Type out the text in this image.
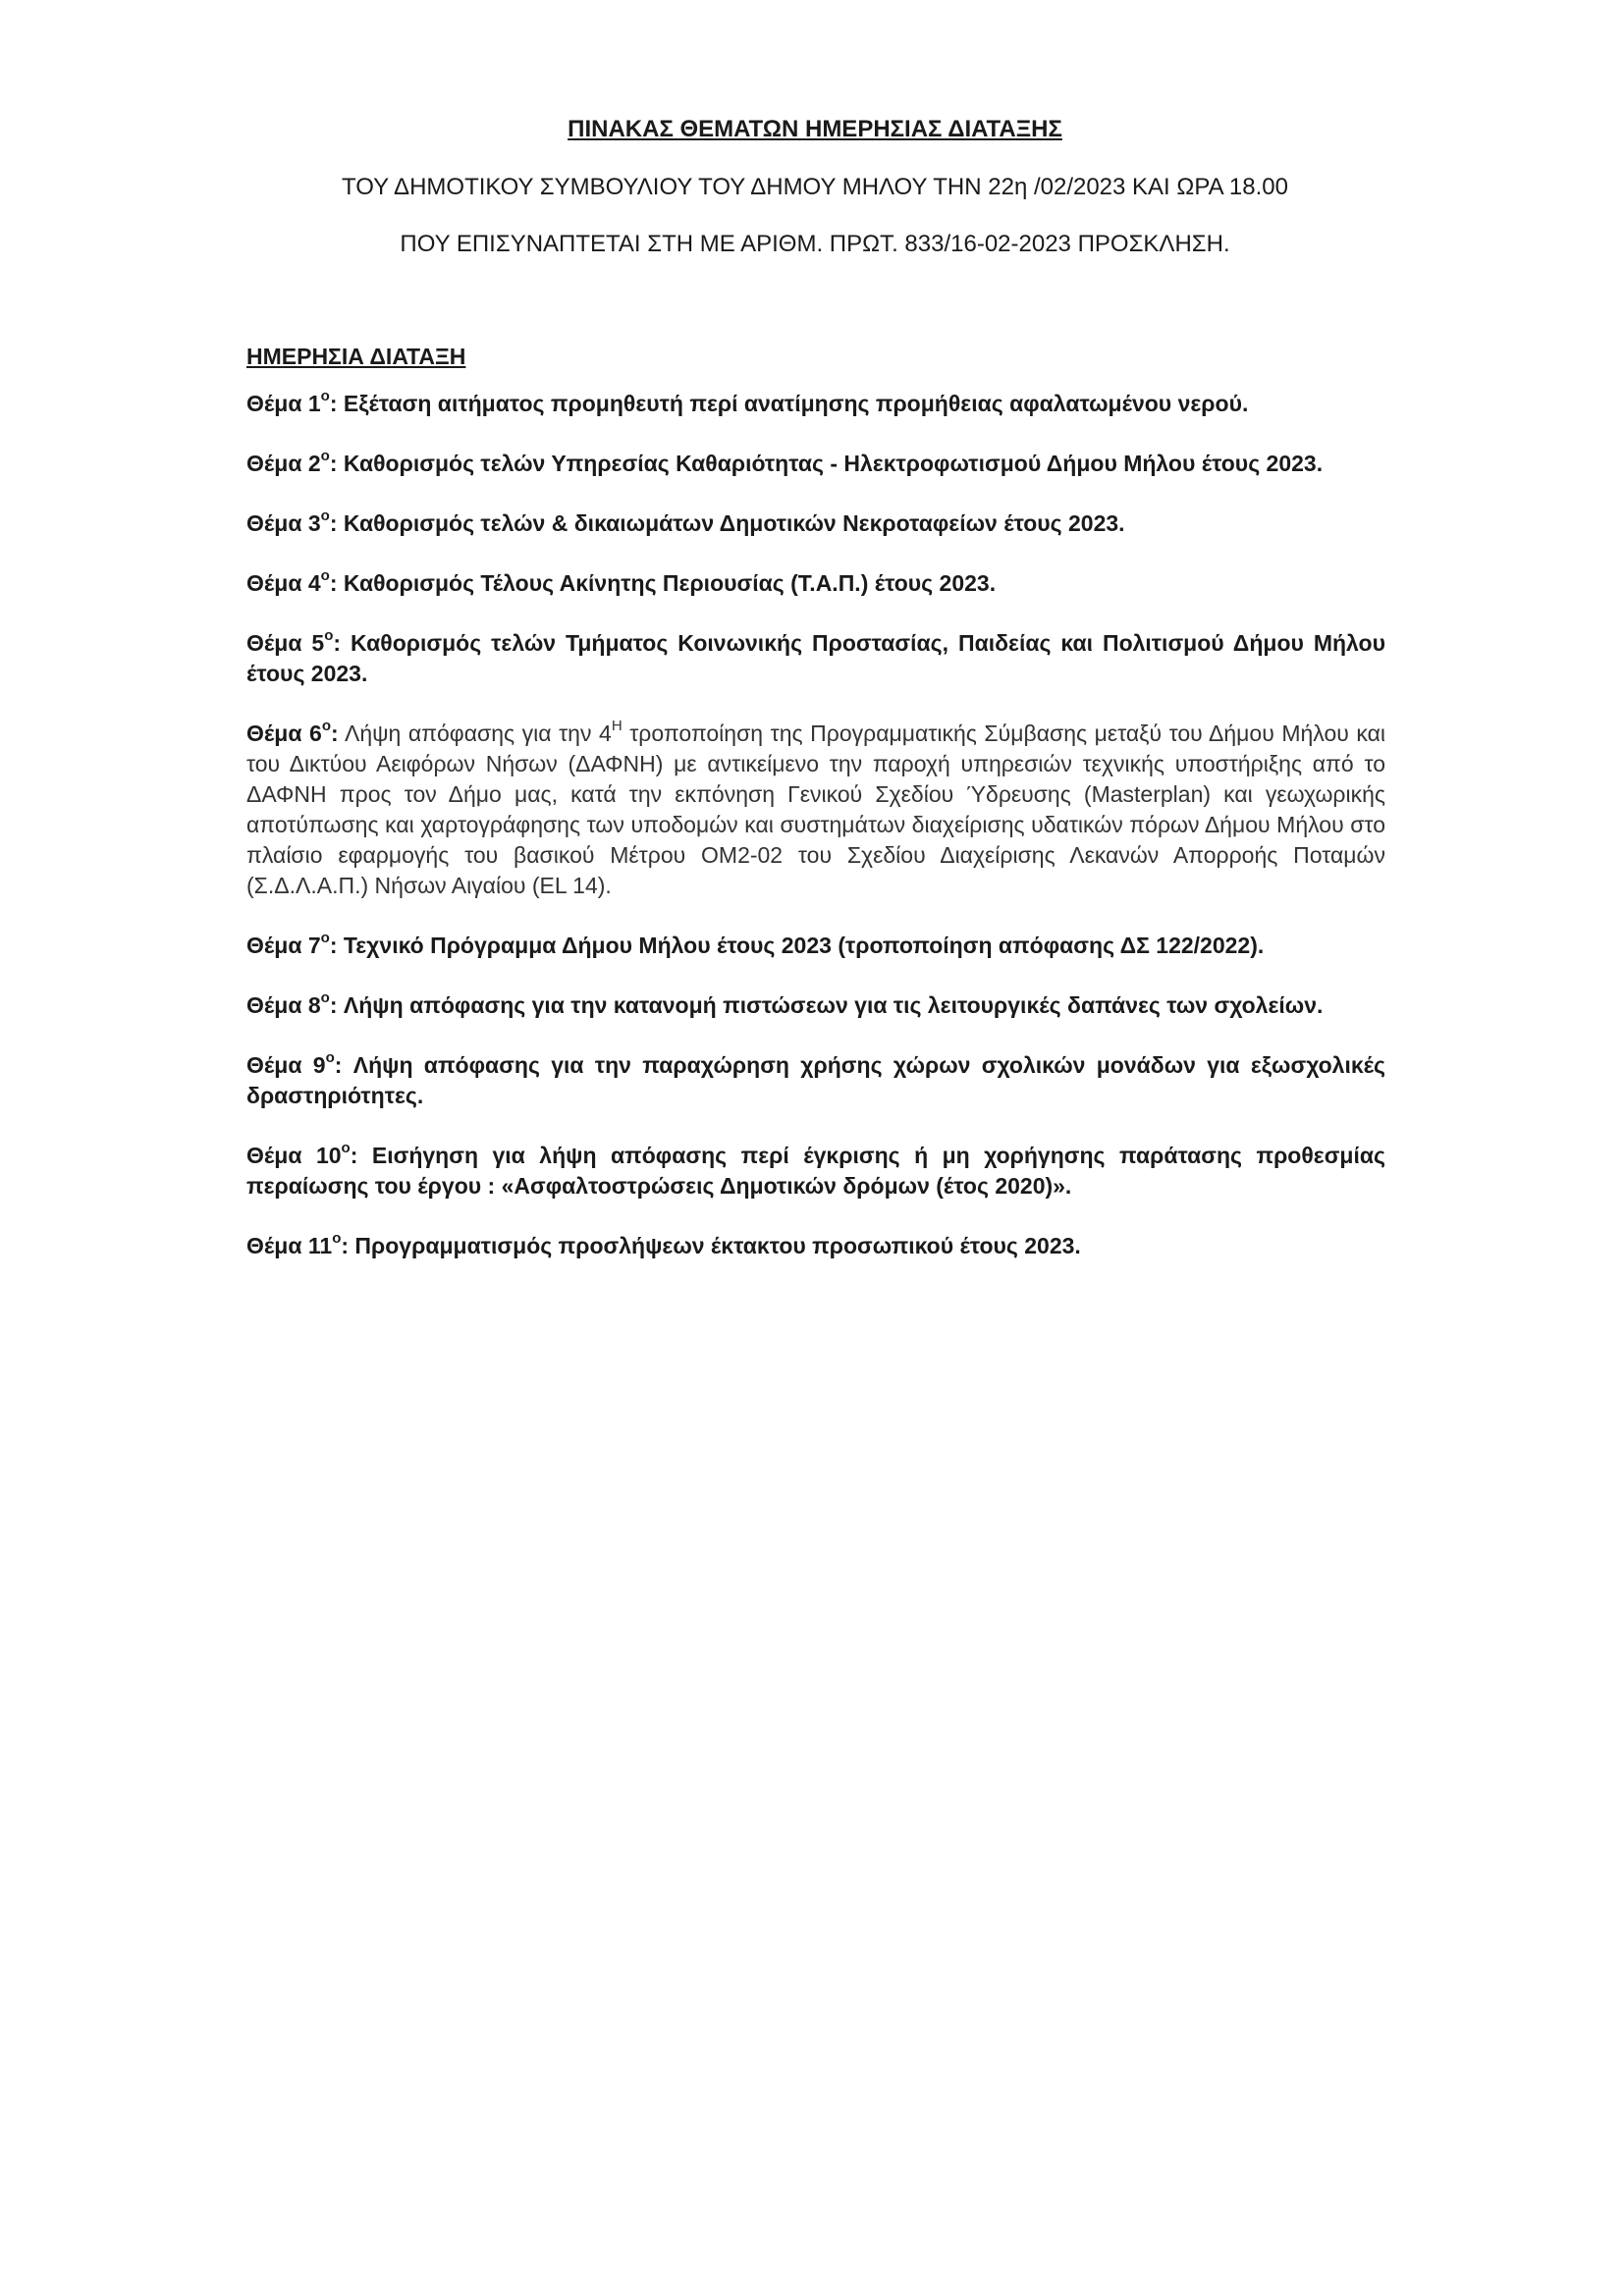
ΠΙΝΑΚΑΣ ΘΕΜΑΤΩΝ ΗΜΕΡΗΣΙΑΣ ΔΙΑΤΑΞΗΣ
ΤΟΥ ΔΗΜΟΤΙΚΟΥ ΣΥΜΒΟΥΛΙΟΥ ΤΟΥ ΔΗΜΟΥ ΜΗΛΟΥ ΤΗΝ 22η /02/2023 ΚΑΙ ΩΡΑ 18.00
ΠΟΥ ΕΠΙΣΥΝΑΠΤΕΤΑΙ ΣΤΗ ΜΕ ΑΡΙΘΜ. ΠΡΩΤ. 833/16-02-2023 ΠΡΟΣΚΛΗΣΗ.
ΗΜΕΡΗΣΙΑ ΔΙΑΤΑΞΗ
Θέμα $1^o$: Εξέταση αιτήματος προμηθευτή περί ανατίμησης προμήθειας αφαλατωμένου νερού.
Θέμα $2^o$: Καθορισμός τελών Υπηρεσίας Καθαριότητας - Ηλεκτροφωτισμού Δήμου Μήλου έτους 2023.
Θέμα $3^o$: Καθορισμός τελών & δικαιωμάτων Δημοτικών Νεκροταφείων έτους 2023.
Θέμα $4^o$: Καθορισμός Τέλους Ακίνητης Περιουσίας (Τ.Α.Π.) έτους 2023.
Θέμα $5^o$: Καθορισμός τελών Τμήματος Κοινωνικής Προστασίας, Παιδείας και Πολιτισμού Δήμου Μήλου έτους 2023.
Θέμα $6^o$: Λήψη απόφασης για την $4^H$ τροποποίηση της Προγραμματικής Σύμβασης μεταξύ του Δήμου Μήλου και του Δικτύου Αειφόρων Νήσων (ΔΑΦΝΗ) με αντικείμενο την παροχή υπηρεσιών τεχνικής υποστήριξης από το ΔΑΦΝΗ προς τον Δήμο μας, κατά την εκπόνηση Γενικού Σχεδίου Ύδρευσης (Masterplan) και γεωχωρικής αποτύπωσης και χαρτογράφησης των υποδομών και συστημάτων διαχείρισης υδατικών πόρων Δήμου Μήλου στο πλαίσιο εφαρμογής του βασικού Μέτρου ΟΜ2-02 του Σχεδίου Διαχείρισης Λεκανών Απορροής Ποταμών (Σ.Δ.Λ.Α.Π.) Νήσων Αιγαίου (EL 14).
Θέμα $7^o$: Τεχνικό Πρόγραμμα Δήμου Μήλου έτους 2023 (τροποποίηση απόφασης ΔΣ 122/2022).
Θέμα $8^o$: Λήψη απόφασης για την κατανομή πιστώσεων για τις λειτουργικές δαπάνες των σχολείων.
Θέμα $9^o$: Λήψη απόφασης για την παραχώρηση χρήσης χώρων σχολικών μονάδων για εξωσχολικές δραστηριότητες.
Θέμα $10^o$: Εισήγηση για λήψη απόφασης περί έγκρισης ή μη χορήγησης παράτασης προθεσμίας περαίωσης του έργου : «Ασφαλτοστρώσεις Δημοτικών δρόμων (έτος 2020)».
Θέμα $11^o$: Προγραμματισμός προσλήψεων έκτακτου προσωπικού έτους 2023.
